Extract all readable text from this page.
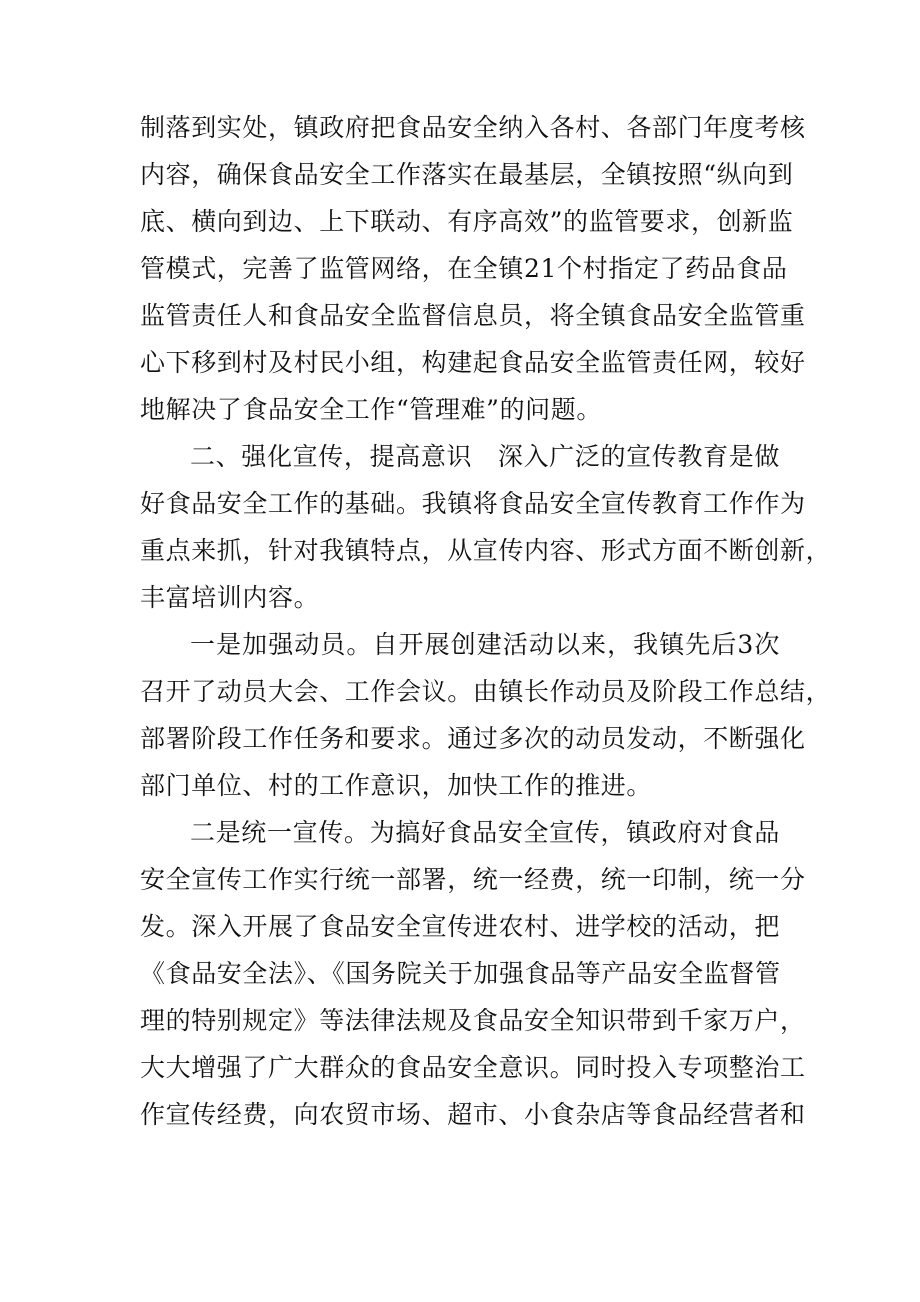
制落到实处，镇政府把食品安全纳入各村、各部门年度考核
内容，确保食品安全工作落实在最基层，全镇按照“纵向到
底、横向到边、上下联动、有序高效”的监管要求，创新监
管模式，完善了监管网络，在全镇21个村指定了药品食品
监管责任人和食品安全监督信息员，将全镇食品安全监管重
心下移到村及村民小组，构建起食品安全监管责任网，较好
地解决了食品安全工作“管理难”的问题。
二、强化宣传，提高意识　深入广泛的宣传教育是做
好食品安全工作的基础。我镇将食品安全宣传教育工作作为
重点来抓，针对我镇特点，从宣传内容、形式方面不断创新，
丰富培训内容。
一是加强动员。自开展创建活动以来，我镇先后3次
召开了动员大会、工作会议。由镇长作动员及阶段工作总结，
部署阶段工作任务和要求。通过多次的动员发动，不断强化
部门单位、村的工作意识，加快工作的推进。
二是统一宣传。为搞好食品安全宣传，镇政府对食品
安全宣传工作实行统一部署，统一经费，统一印制，统一分
发。深入开展了食品安全宣传进农村、进学校的活动，把
《食品安全法》、《国务院关于加强食品等产品安全监督管
理的特别规定》等法律法规及食品安全知识带到千家万户，
大大增强了广大群众的食品安全意识。同时投入专项整治工
作宣传经费，向农贸市场、超市、小食杂店等食品经营者和
